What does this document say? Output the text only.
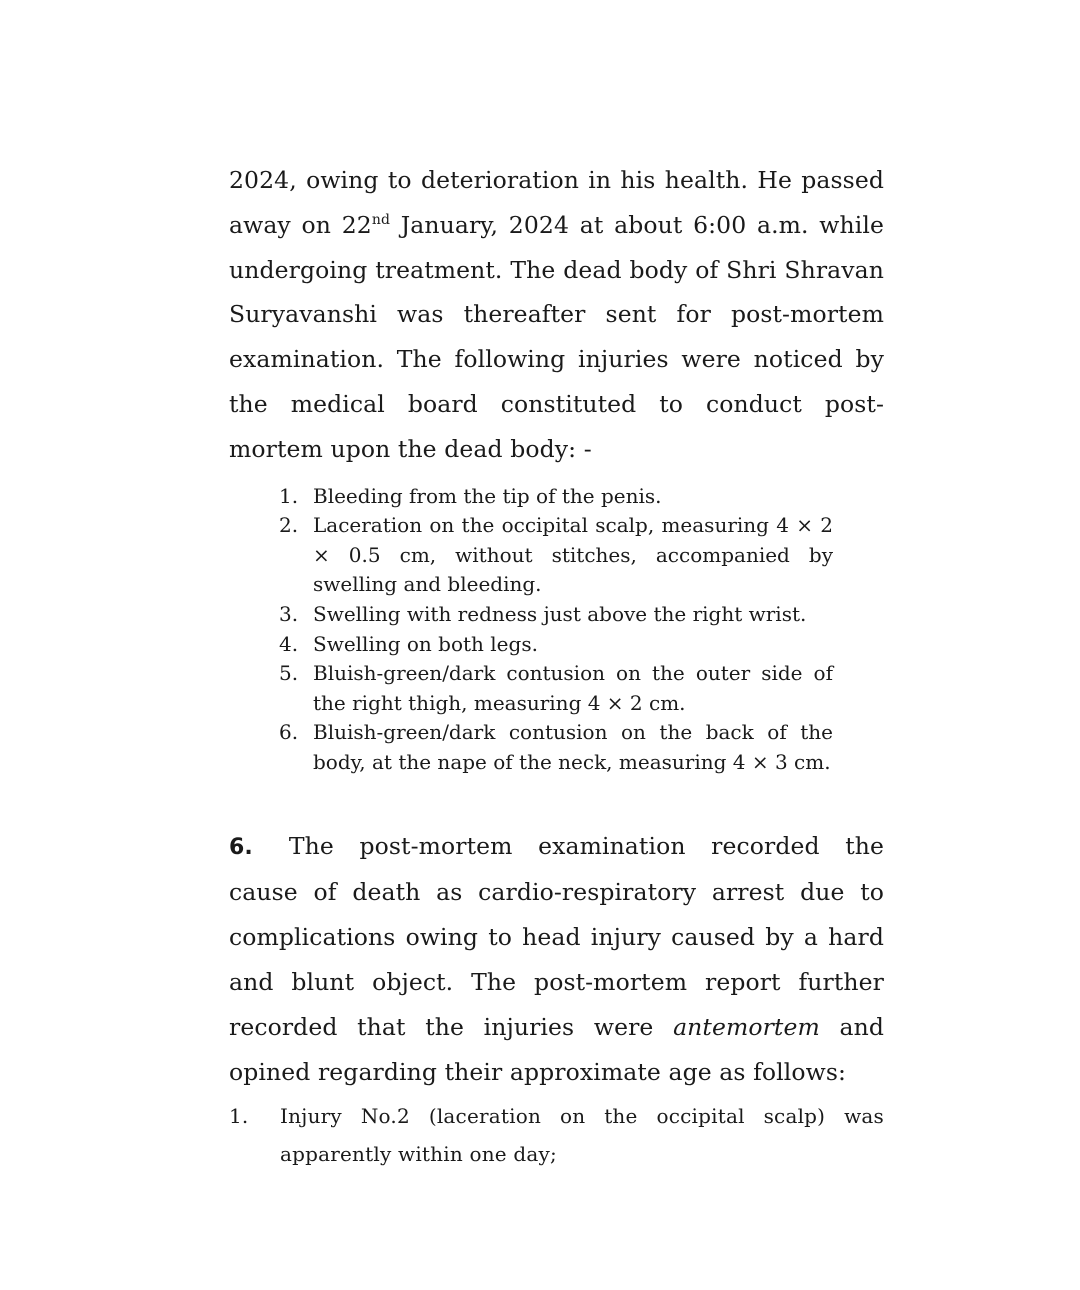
2024, owing to deterioration in his health. He passed away on 22nd January, 2024 at about 6:00 a.m. while undergoing treatment. The dead body of Shri Shravan Suryavanshi was thereafter sent for post-mortem examination. The following injuries were noticed by the medical board constituted to conduct post-mortem upon the dead body: -

1. Bleeding from the tip of the penis.
2. Laceration on the occipital scalp, measuring 4 × 2 × 0.5 cm, without stitches, accompanied by swelling and bleeding.
3. Swelling with redness just above the right wrist.
4. Swelling on both legs.
5. Bluish-green/dark contusion on the outer side of the right thigh, measuring 4 × 2 cm.
6. Bluish-green/dark contusion on the back of the body, at the nape of the neck, measuring 4 × 3 cm.

6. The post-mortem examination recorded the cause of death as cardio-respiratory arrest due to complications owing to head injury caused by a hard and blunt object. The post-mortem report further recorded that the injuries were antemortem and opined regarding their approximate age as follows:

1. Injury No.2 (laceration on the occipital scalp) was apparently within one day;
